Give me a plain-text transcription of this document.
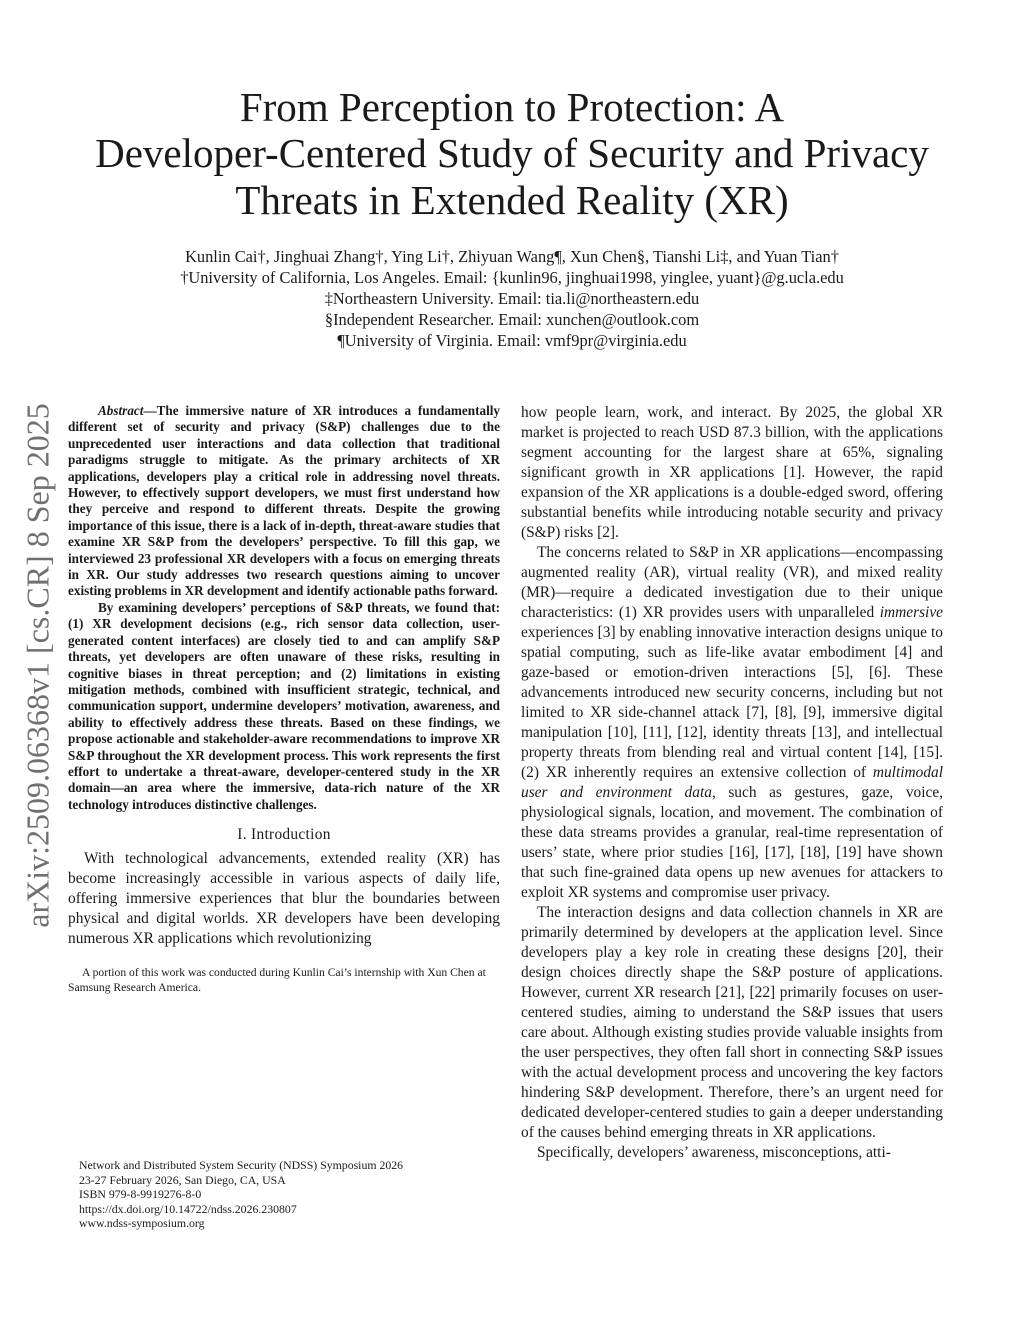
arXiv:2509.06368v1 [cs.CR] 8 Sep 2025
From Perception to Protection: A
Developer-Centered Study of Security and Privacy
Threats in Extended Reality (XR)
Kunlin Cai†, Jinghuai Zhang†, Ying Li†, Zhiyuan Wang¶, Xun Chen§, Tianshi Li‡, and Yuan Tian†
†University of California, Los Angeles. Email: {kunlin96, jinghuai1998, yinglee, yuant}@g.ucla.edu
‡Northeastern University. Email: tia.li@northeastern.edu
§Independent Researcher. Email: xunchen@outlook.com
¶University of Virginia. Email: vmf9pr@virginia.edu

Abstract—The immersive nature of XR introduces a fundamentally different set of security and privacy (S&P) challenges due to the unprecedented user interactions and data collection that traditional paradigms struggle to mitigate. As the primary architects of XR applications, developers play a critical role in addressing novel threats. However, to effectively support developers, we must first understand how they perceive and respond to different threats. Despite the growing importance of this issue, there is a lack of in-depth, threat-aware studies that examine XR S&P from the developers’ perspective. To fill this gap, we interviewed 23 professional XR developers with a focus on emerging threats in XR. Our study addresses two research questions aiming to uncover existing problems in XR development and identify actionable paths forward.

By examining developers’ perceptions of S&P threats, we found that: (1) XR development decisions (e.g., rich sensor data collection, user-generated content interfaces) are closely tied to and can amplify S&P threats, yet developers are often unaware of these risks, resulting in cognitive biases in threat perception; and (2) limitations in existing mitigation methods, combined with insufficient strategic, technical, and communication support, undermine developers’ motivation, awareness, and ability to effectively address these threats. Based on these findings, we propose actionable and stakeholder-aware recommendations to improve XR S&P throughout the XR development process. This work represents the first effort to undertake a threat-aware, developer-centered study in the XR domain—an area where the immersive, data-rich nature of the XR technology introduces distinctive challenges.

I. Introduction

With technological advancements, extended reality (XR) has become increasingly accessible in various aspects of daily life, offering immersive experiences that blur the boundaries between physical and digital worlds. XR developers have been developing numerous XR applications which revolutionizing

A portion of this work was conducted during Kunlin Cai’s internship with Xun Chen at Samsung Research America.

Network and Distributed System Security (NDSS) Symposium 2026
23-27 February 2026, San Diego, CA, USA
ISBN 979-8-9919276-8-0
https://dx.doi.org/10.14722/ndss.2026.230807
www.ndss-symposium.org

how people learn, work, and interact. By 2025, the global XR market is projected to reach USD 87.3 billion, with the applications segment accounting for the largest share at 65%, signaling significant growth in XR applications [1]. However, the rapid expansion of the XR applications is a double-edged sword, offering substantial benefits while introducing notable security and privacy (S&P) risks [2].

The concerns related to S&P in XR applications—encompassing augmented reality (AR), virtual reality (VR), and mixed reality (MR)—require a dedicated investigation due to their unique characteristics: (1) XR provides users with unparalleled immersive experiences [3] by enabling innovative interaction designs unique to spatial computing, such as life-like avatar embodiment [4] and gaze-based or emotion-driven interactions [5], [6]. These advancements introduced new security concerns, including but not limited to XR side-channel attack [7], [8], [9], immersive digital manipulation [10], [11], [12], identity threats [13], and intellectual property threats from blending real and virtual content [14], [15]. (2) XR inherently requires an extensive collection of multimodal user and environment data, such as gestures, gaze, voice, physiological signals, location, and movement. The combination of these data streams provides a granular, real-time representation of users’ state, where prior studies [16], [17], [18], [19] have shown that such fine-grained data opens up new avenues for attackers to exploit XR systems and compromise user privacy.

The interaction designs and data collection channels in XR are primarily determined by developers at the application level. Since developers play a key role in creating these designs [20], their design choices directly shape the S&P posture of applications. However, current XR research [21], [22] primarily focuses on user-centered studies, aiming to understand the S&P issues that users care about. Although existing studies provide valuable insights from the user perspectives, they often fall short in connecting S&P issues with the actual development process and uncovering the key factors hindering S&P development. Therefore, there’s an urgent need for dedicated developer-centered studies to gain a deeper understanding of the causes behind emerging threats in XR applications.

Specifically, developers’ awareness, misconceptions, atti-
